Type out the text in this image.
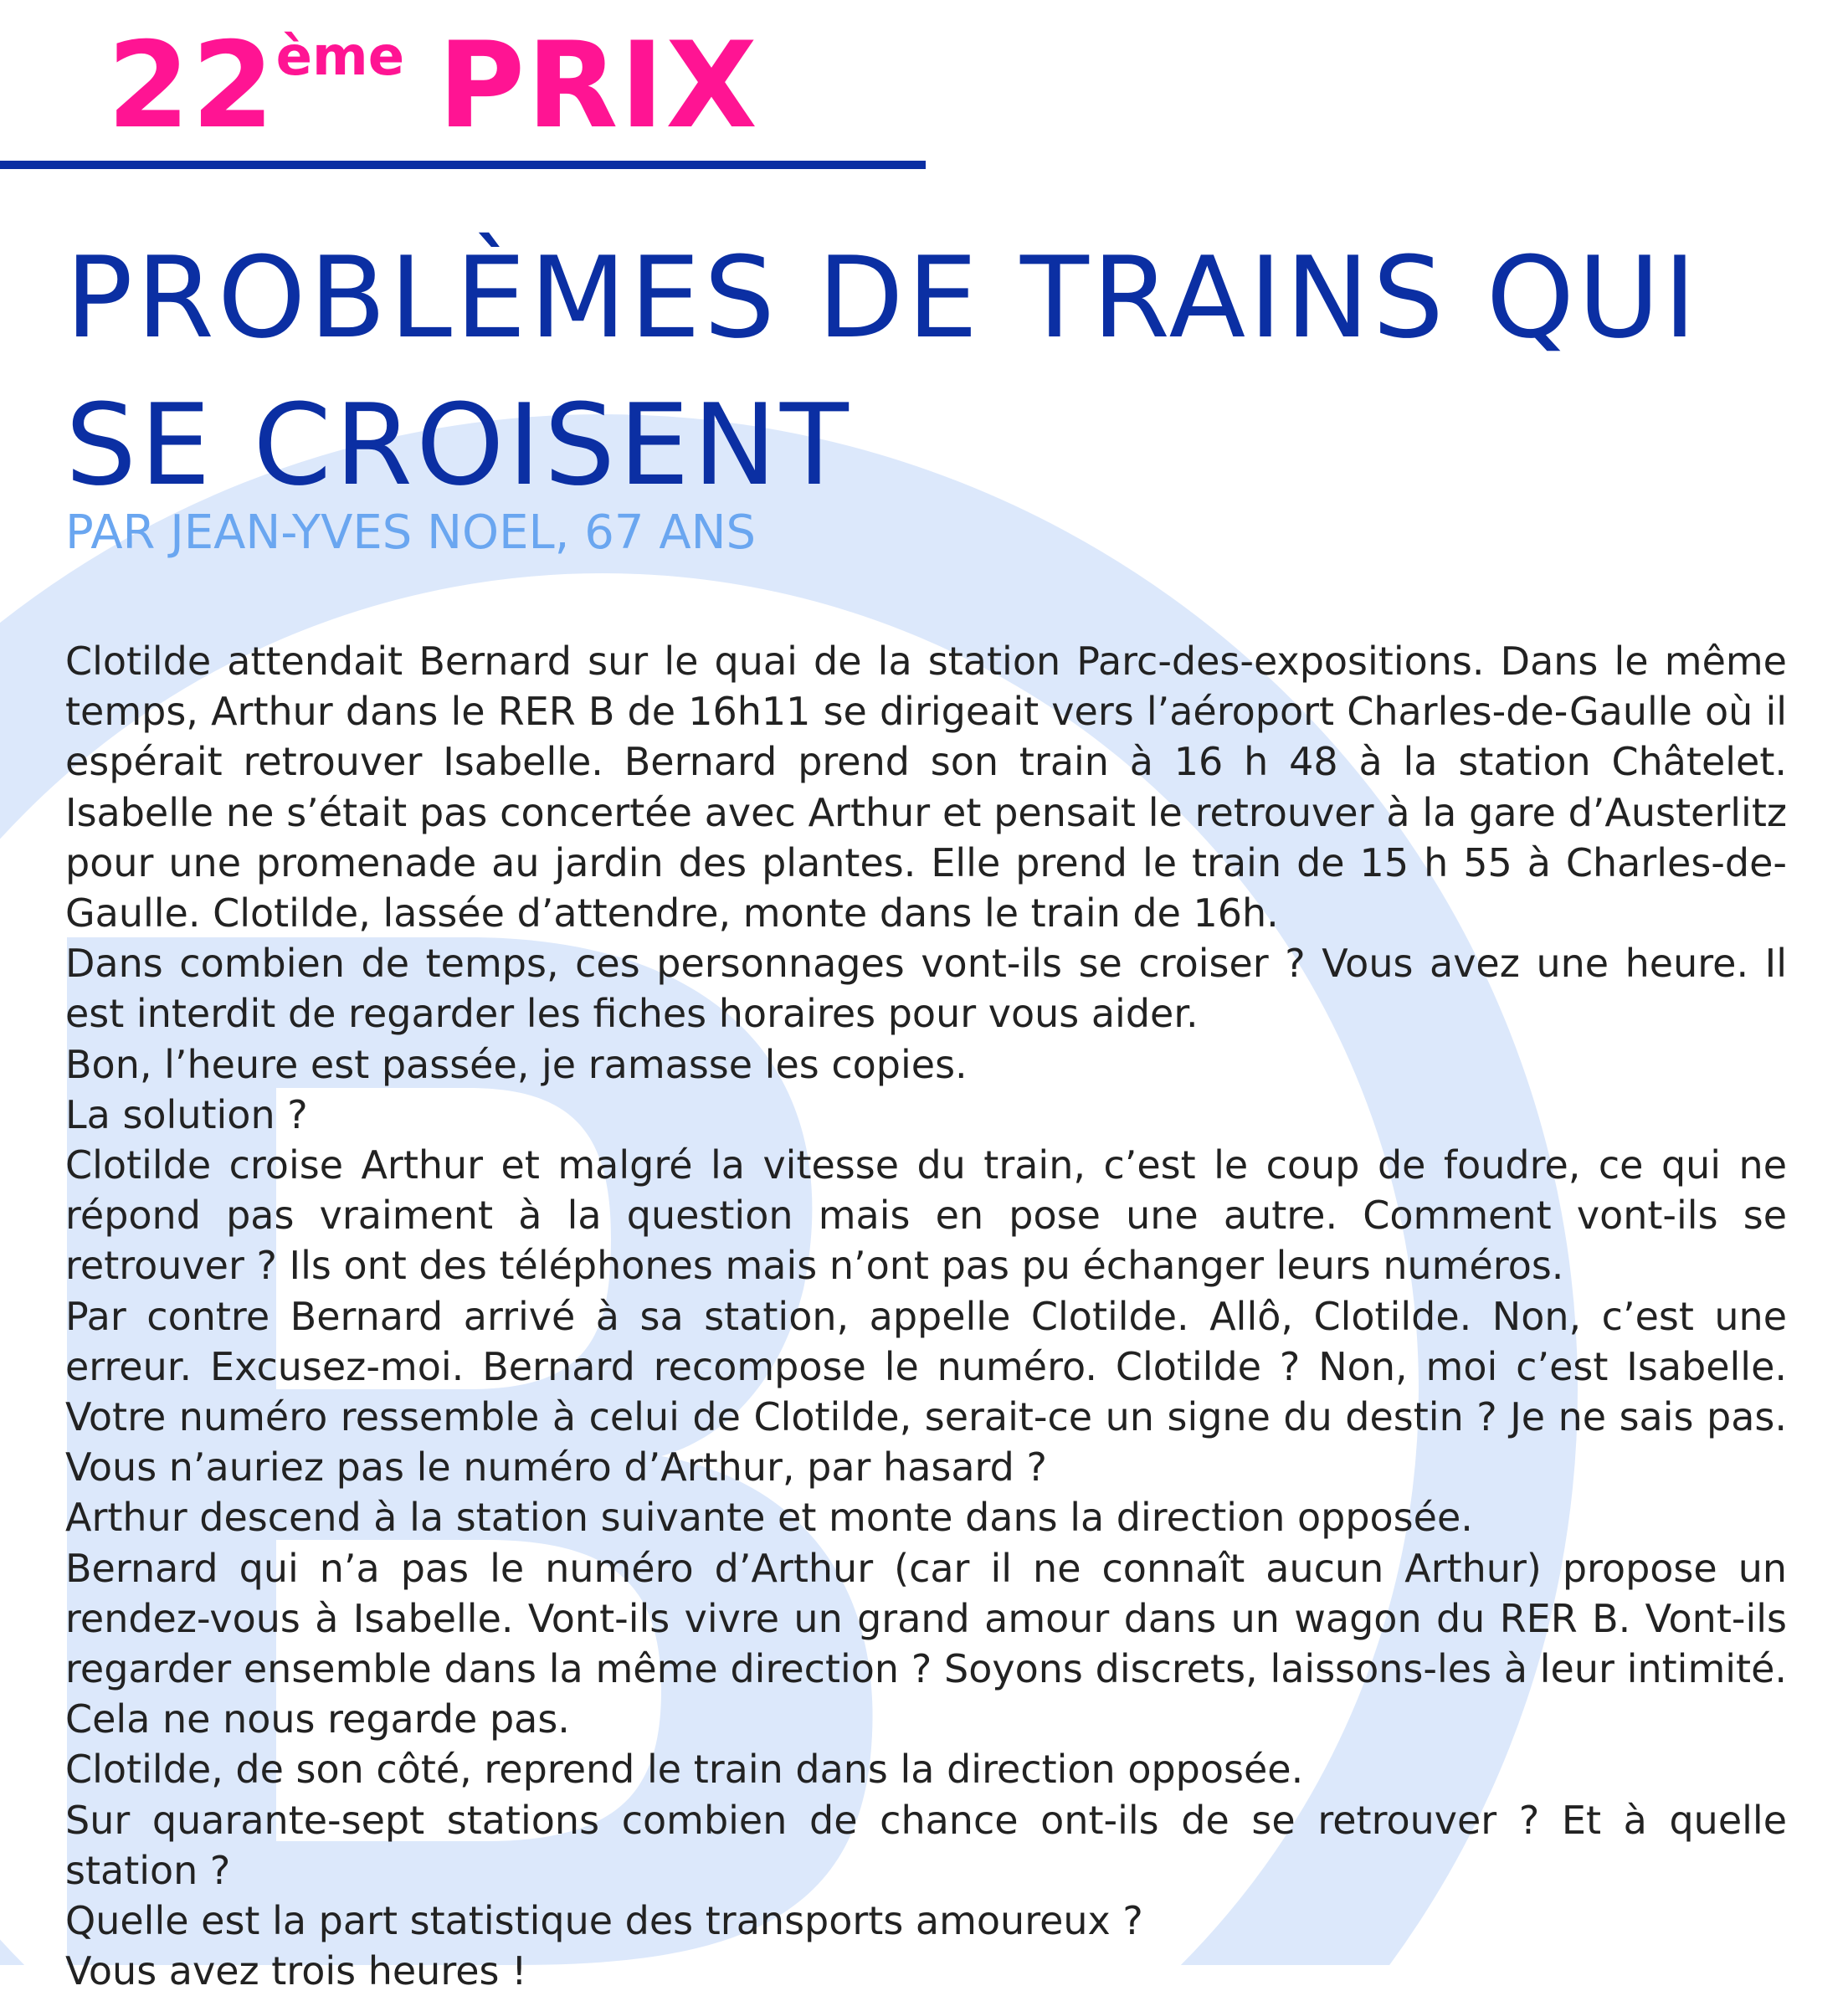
22ème PRIX
PROBLÈMES DE TRAINS QUI SE CROISENT
PAR JEAN-YVES NOEL, 67 ANS

Clotilde attendait Bernard sur le quai de la station Parc-des-expositions. Dans le même temps, Arthur dans le RER B de 16h11 se dirigeait vers l’aéroport Charles-de-Gaulle où il espérait retrouver Isabelle. Bernard prend son train à 16 h 48 à la station Châtelet. Isabelle ne s’était pas concertée avec Arthur et pensait le retrouver à la gare d’Austerlitz pour une promenade au jardin des plantes. Elle prend le train de 15 h 55 à Charles-de-Gaulle. Clotilde, lassée d’attendre, monte dans le train de 16h.

Dans combien de temps, ces personnages vont-ils se croiser ? Vous avez une heure. Il est interdit de regarder les fiches horaires pour vous aider.

Bon, l’heure est passée, je ramasse les copies.

La solution ?

Clotilde croise Arthur et malgré la vitesse du train, c’est le coup de foudre, ce qui ne répond pas vraiment à la question mais en pose une autre. Comment vont-ils se retrouver ? Ils ont des téléphones mais n’ont pas pu échanger leurs numéros.

Par contre Bernard arrivé à sa station, appelle Clotilde. Allô, Clotilde. Non, c’est une erreur. Excusez-moi. Bernard recompose le numéro. Clotilde ? Non, moi c’est Isabelle. Votre numéro ressemble à celui de Clotilde, serait-ce un signe du destin ? Je ne sais pas. Vous n’auriez pas le numéro d’Arthur, par hasard ?

Arthur descend à la station suivante et monte dans la direction opposée.

Bernard qui n’a pas le numéro d’Arthur (car il ne connaît aucun Arthur) propose un rendez-vous à Isabelle. Vont-ils vivre un grand amour dans un wagon du RER B. Vont-ils regarder ensemble dans la même direction ? Soyons discrets, laissons-les à leur intimité. Cela ne nous regarde pas.

Clotilde, de son côté, reprend le train dans la direction opposée.

Sur quarante-sept stations combien de chance ont-ils de se retrouver ? Et à quelle station ?

Quelle est la part statistique des transports amoureux ?

Vous avez trois heures !
